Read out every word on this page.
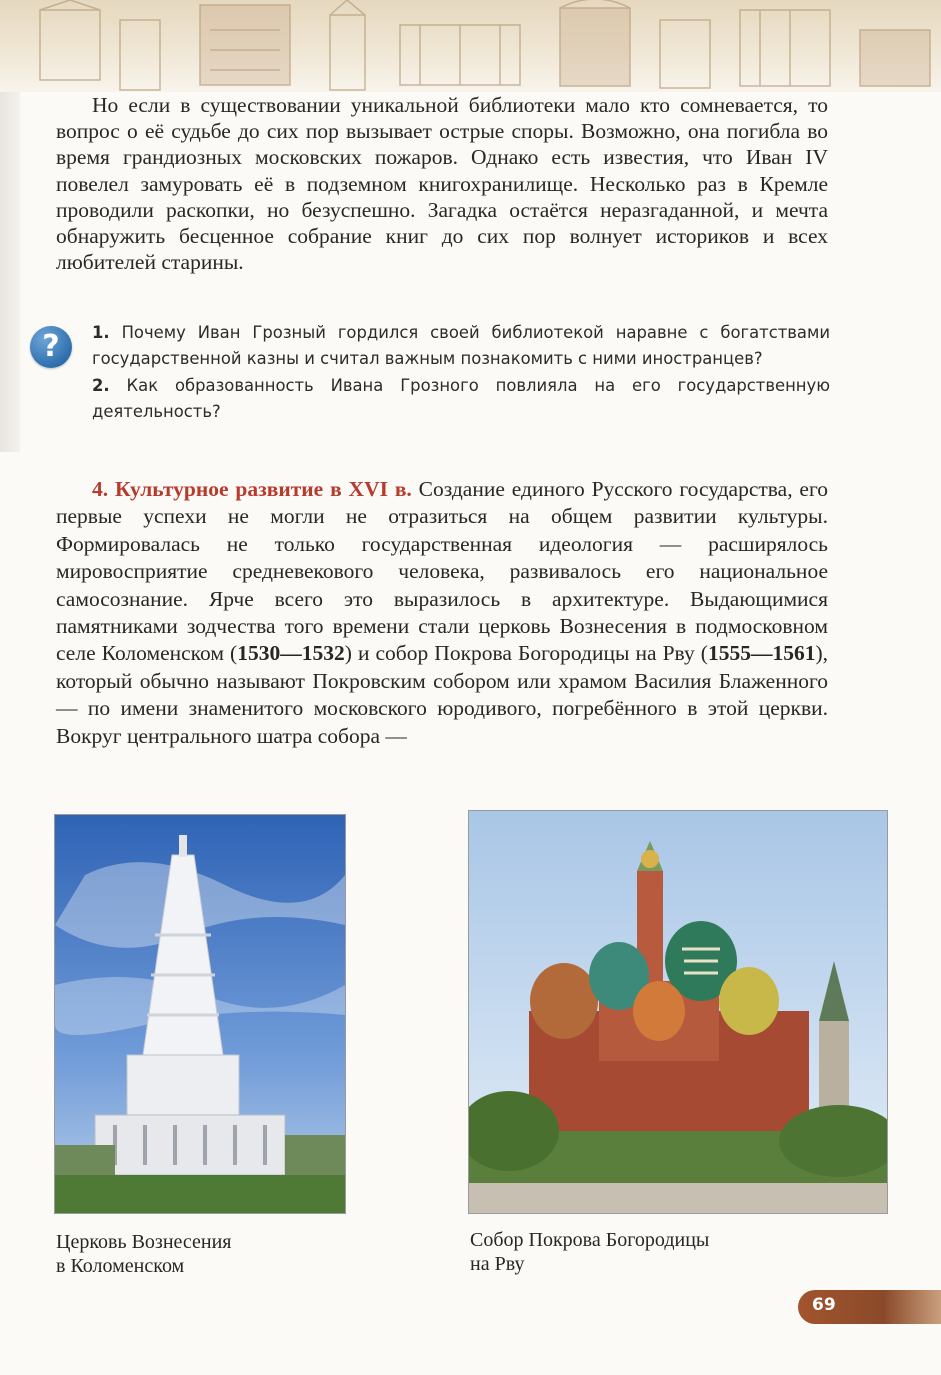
Но если в существовании уникальной библиотеки мало кто сомневается, то вопрос о её судьбе до сих пор вызывает острые споры. Возможно, она погибла во время грандиозных московских пожаров. Однако есть известия, что Иван IV повелел замуровать её в подземном книгохранилище. Несколько раз в Кремле проводили раскопки, но безуспешно. Загадка остаётся неразгаданной, и мечта обнаружить бесценное собрание книг до сих пор волнует историков и всех любителей старины.

?	1. Почему Иван Грозный гордился своей библиотекой наравне с богатствами государственной казны и считал важным познакомить с ними иностранцев?

2. Как образованность Ивана Грозного повлияла на его государственную деятельность?

4. Культурное развитие в XVI в. Создание единого Русского государства, его первые успехи не могли не отразиться на общем развитии культуры. Формировалась не только государственная идеология — расширялось мировосприятие средневекового человека, развивалось его национальное самосознание. Ярче всего это выразилось в архитектуре. Выдающимися памятниками зодчества того времени стали церковь Вознесения в подмосковном селе Коломенском (1530—1532) и собор Покрова Богородицы на Рву (1555—1561), который обычно называют Покровским собором или храмом Василия Блаженного — по имени знаменитого московского юродивого, погребённого в этой церкви. Вокруг центрального шатра собора —

Церковь Вознесения
в Коломенском
Собор Покрова Богородицы
на Рву
69
